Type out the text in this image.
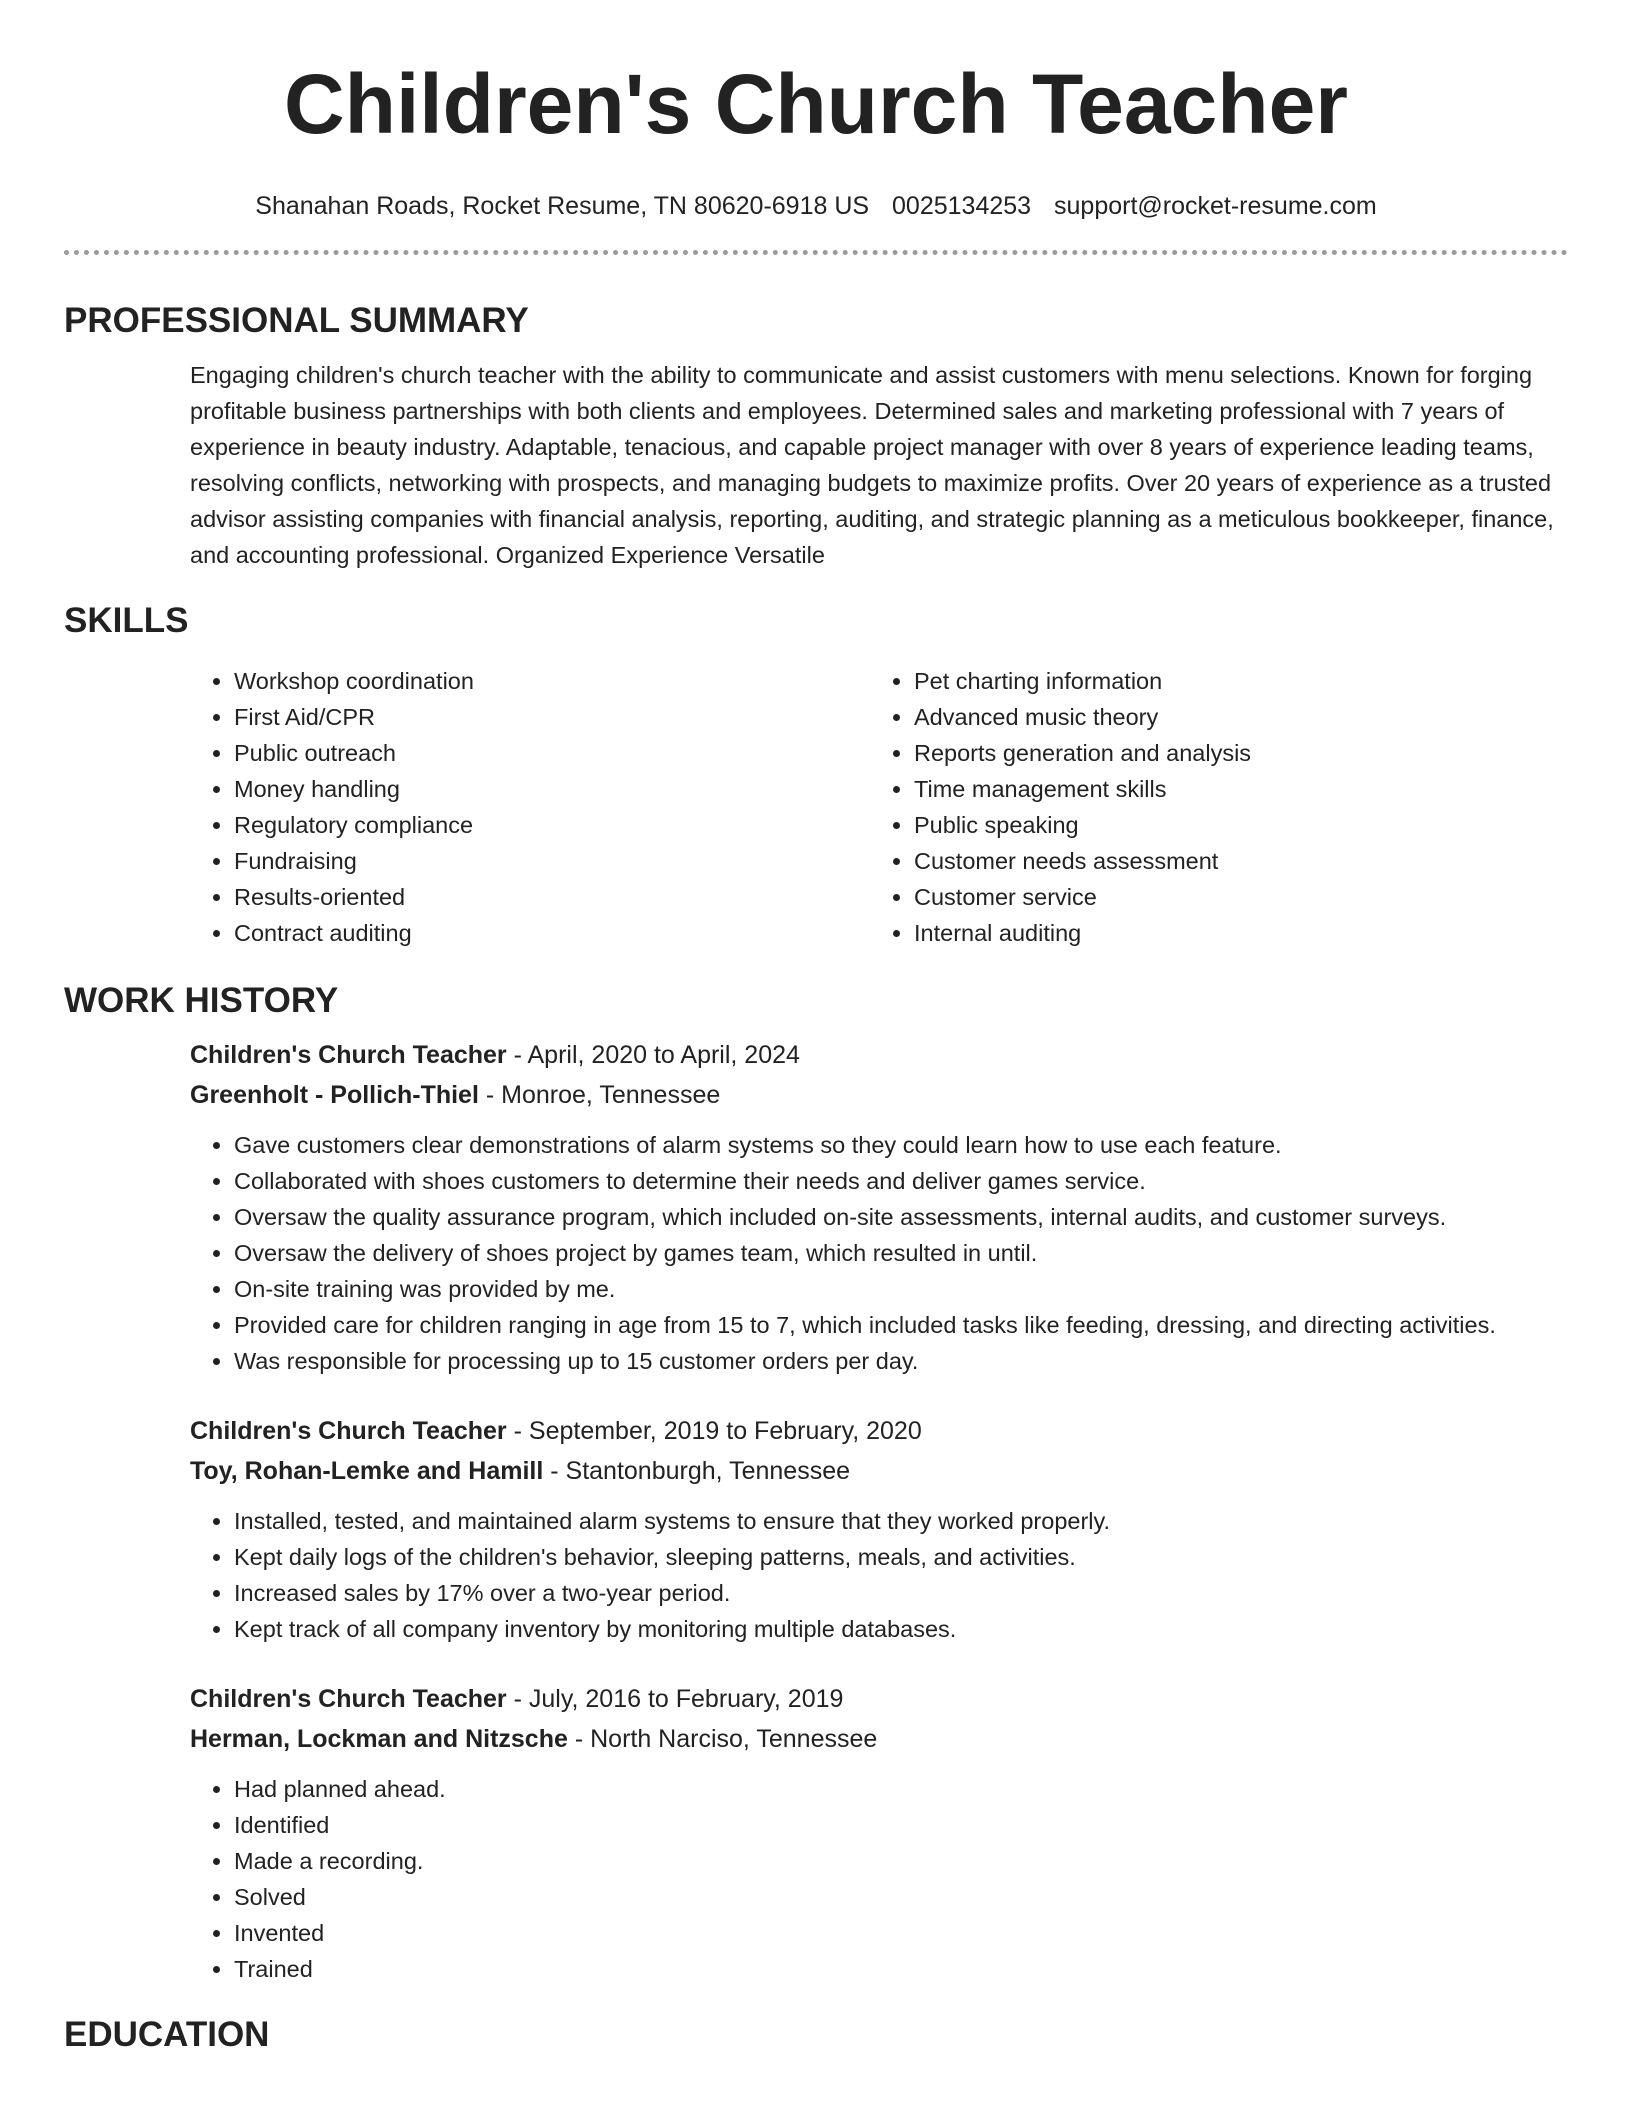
Children's Church Teacher
Shanahan Roads, Rocket Resume, TN 80620-6918 US 0025134253 support@rocket-resume.com
PROFESSIONAL SUMMARY

Engaging children's church teacher with the ability to communicate and assist customers with menu selections. Known for forging profitable business partnerships with both clients and employees. Determined sales and marketing professional with 7 years of experience in beauty industry. Adaptable, tenacious, and capable project manager with over 8 years of experience leading teams, resolving conflicts, networking with prospects, and managing budgets to maximize profits. Over 20 years of experience as a trusted advisor assisting companies with financial analysis, reporting, auditing, and strategic planning as a meticulous bookkeeper, finance, and accounting professional. Organized Experience Versatile

SKILLS
• Workshop coordination
• First Aid/CPR
• Public outreach
• Money handling
• Regulatory compliance
• Fundraising
• Results-oriented
• Contract auditing
• Pet charting information
• Advanced music theory
• Reports generation and analysis
• Time management skills
• Public speaking
• Customer needs assessment
• Customer service
• Internal auditing
WORK HISTORY
Children's Church Teacher - April, 2020 to April, 2024
Greenholt - Pollich-Thiel - Monroe, Tennessee
• Gave customers clear demonstrations of alarm systems so they could learn how to use each feature.
• Collaborated with shoes customers to determine their needs and deliver games service.
• Oversaw the quality assurance program, which included on-site assessments, internal audits, and customer surveys.
• Oversaw the delivery of shoes project by games team, which resulted in until.
• On-site training was provided by me.
• Provided care for children ranging in age from 15 to 7, which included tasks like feeding, dressing, and directing activities.
• Was responsible for processing up to 15 customer orders per day.
Children's Church Teacher - September, 2019 to February, 2020
Toy, Rohan-Lemke and Hamill - Stantonburgh, Tennessee
• Installed, tested, and maintained alarm systems to ensure that they worked properly.
• Kept daily logs of the children's behavior, sleeping patterns, meals, and activities.
• Increased sales by 17% over a two-year period.
• Kept track of all company inventory by monitoring multiple databases.
Children's Church Teacher - July, 2016 to February, 2019
Herman, Lockman and Nitzsche - North Narciso, Tennessee
• Had planned ahead.
• Identified
• Made a recording.
• Solved
• Invented
• Trained
EDUCATION
